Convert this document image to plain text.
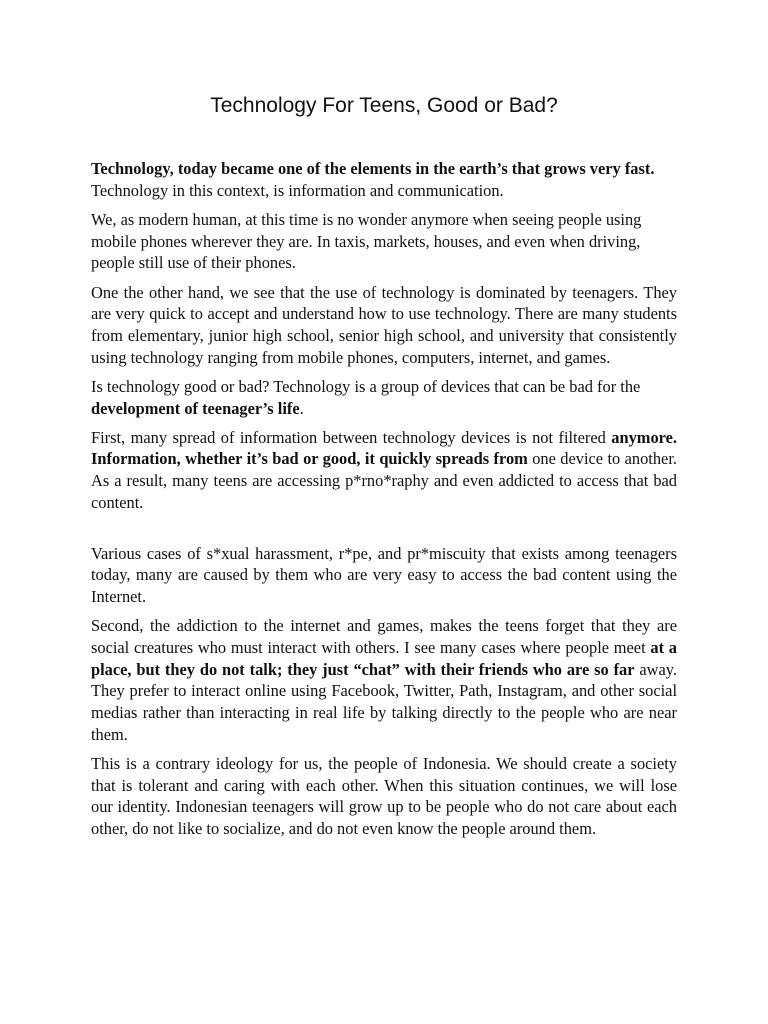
Technology For Teens, Good or Bad?

Technology, today became one of the elements in the earth’s that grows very fast. Technology in this context, is information and communication.

We, as modern human, at this time is no wonder anymore when seeing people using mobile phones wherever they are. In taxis, markets, houses, and even when driving, people still use of their phones.

One the other hand, we see that the use of technology is dominated by teenagers. They are very quick to accept and understand how to use technology. There are many students from elementary, junior high school, senior high school, and university that consistently using technology ranging from mobile phones, computers, internet, and games.

Is technology good or bad? Technology is a group of devices that can be bad for the development of teenager’s life.

First, many spread of information between technology devices is not filtered anymore. Information, whether it’s bad or good, it quickly spreads from one device to another. As a result, many teens are accessing p*rno*raphy and even addicted to access that bad content.

Various cases of s*xual harassment, r*pe, and pr*miscuity that exists among teenagers today, many are caused by them who are very easy to access the bad content using the Internet.

Second, the addiction to the internet and games, makes the teens forget that they are social creatures who must interact with others. I see many cases where people meet at a place, but they do not talk; they just “chat” with their friends who are so far away. They prefer to interact online using Facebook, Twitter, Path, Instagram, and other social medias rather than interacting in real life by talking directly to the people who are near them.

This is a contrary ideology for us, the people of Indonesia. We should create a society that is tolerant and caring with each other. When this situation continues, we will lose our identity. Indonesian teenagers will grow up to be people who do not care about each other, do not like to socialize, and do not even know the people around them.
